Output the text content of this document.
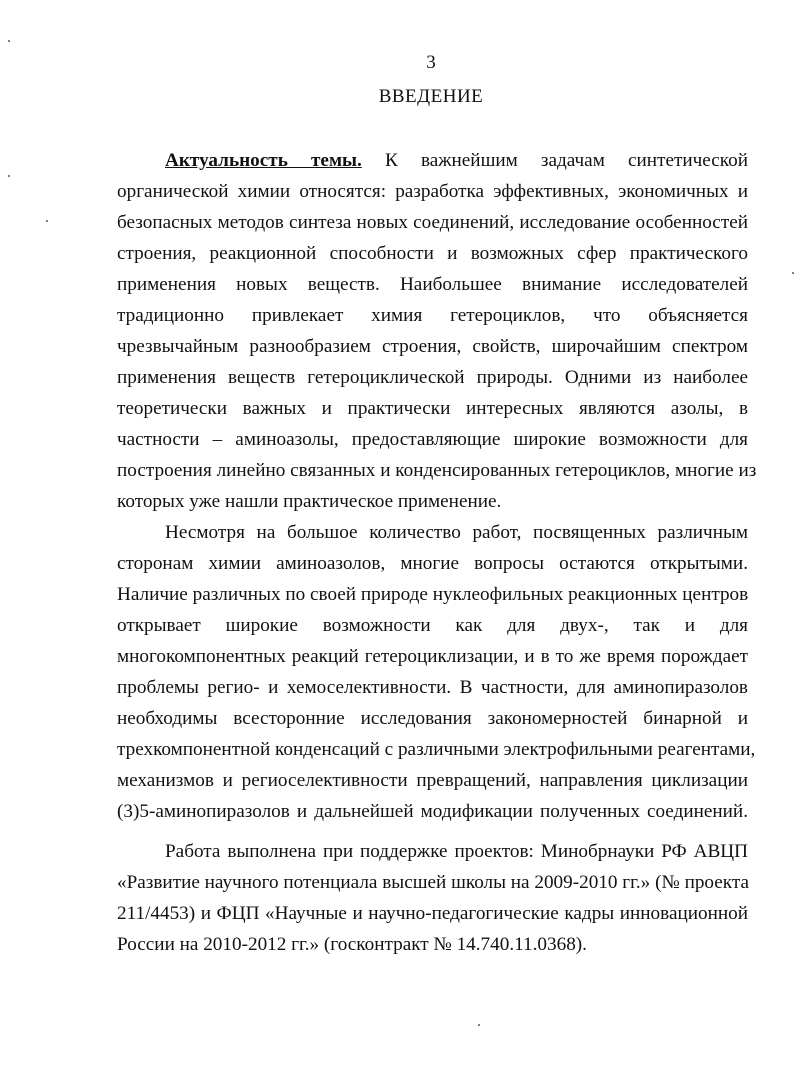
3
ВВЕДЕНИЕ
Актуальность темы. К важнейшим задачам синтетической
органической химии относятся: разработка эффективных, экономичных и
безопасных методов синтеза новых соединений, исследование особенностей
строения, реакционной способности и возможных сфер практического
применения новых веществ. Наибольшее внимание исследователей
традиционно привлекает химия гетероциклов, что объясняется
чрезвычайным разнообразием строения, свойств, широчайшим спектром
применения веществ гетероциклической природы. Одними из наиболее
теоретически важных и практически интересных являются азолы, в
частности – аминоазолы, предоставляющие широкие возможности для
построения линейно связанных и конденсированных гетероциклов, многие из
которых уже нашли практическое применение.
Несмотря на большое количество работ, посвященных различным
сторонам химии аминоазолов, многие вопросы остаются открытыми.
Наличие различных по своей природе нуклеофильных реакционных центров
открывает широкие возможности как для двух-, так и для
многокомпонентных реакций гетероциклизации, и в то же время порождает
проблемы регио- и хемоселективности. В частности, для аминопиразолов
необходимы всесторонние исследования закономерностей бинарной и
трехкомпонентной конденсаций с различными электрофильными реагентами,
механизмов и региоселективности превращений, направления циклизации
(3)5-аминопиразолов и дальнейшей модификации полученных соединений.
Работа выполнена при поддержке проектов: Минобрнауки РФ АВЦП
«Развитие научного потенциала высшей школы на 2009-2010 гг.» (№ проекта
211/4453) и ФЦП «Научные и научно-педагогические кадры инновационной
России на 2010-2012 гг.» (госконтракт № 14.740.11.0368).
